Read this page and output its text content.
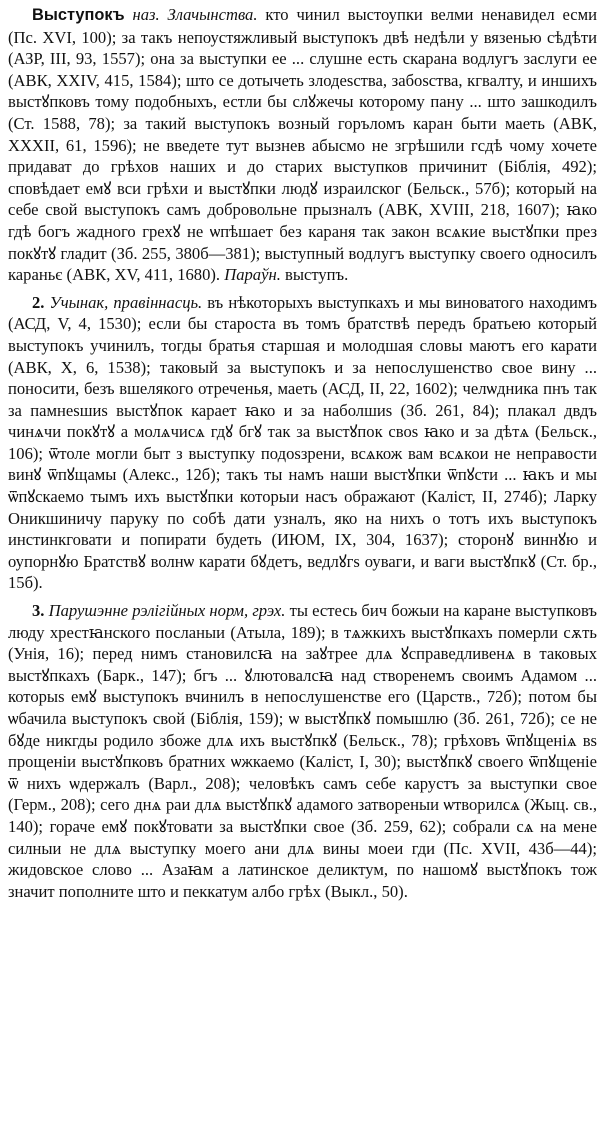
Выступокъ наз. Злачынства. кто чинил выстоупки велми ненавидел есми (Пс. XVI, 100); за такъ непоустяжливый выступокъ двѣ недѣли у вязенью сѣдѣти (АЗР, III, 93, 1557); она за выступки ее ... слушне есть скарана водлугъ заслуги ее (АВК, XXIV, 415, 1584); што се дотычеть злодеѕства, забоѕства, кгвалту, и иншихъ выстꙋпковъ тому подобныхъ, естли бы слꙋжечы которому пану ... што зашкодилъ (Ст. 1588, 78); за такий выступокъ возный горъломъ каран быти маеть (АВК, XXXII, 61, 1596); не введете тут вызнев абысмо не згрѣшили гсдѣ чому хочете придават до грѣхов наших и до старих выступков причинит (Біблія, 492); сповѣдает емꙋ вси грѣхи и выстꙋпки людꙋ израилског (Бельск., 57б); который на себе свой выступокъ самъ добровольне прызналъ (АВК, XVIII, 218, 1607); ꙗко гдѣ богъ жадного грехꙋ не ѡпѣшает без караня так закон всѧкие выстꙋпки през покꙋтꙋ гладит (Зб. 255, 380б—381); выступный водлугъ выступку своего односилъ караньє (АВК, XV, 411, 1680). Параўн. выступъ.

2. Учынак, правіннасць. въ нѣкоторыхъ выступкахъ и мы виноватого находимъ (АСД, V, 4, 1530); если бы староста въ томъ братствѣ передъ братьею который выступокъ учинилъ, тогды братья старшая и молодшая словы маютъ его карати (АВК, X, 6, 1538); таковый за выступокъ и за непослушенство свое вину ... поносити, безъ вшелякого отреченья, маеть (АСД, II, 22, 1602); челѡдника пнъ так за памнеѕшиѕ выстꙋпок карает ꙗко и за наболшиѕ (Зб. 261, 84); плакал двдъ чинѧчи покꙋтꙋ а молѧчисѧ гдꙋ бгꙋ так за выстꙋпок своѕ ꙗко и за дѣтѧ (Бельск., 106); ѿтоле могли быт з выступку подоѕзрени, всѧкож вам всѧкои не неправости винꙋ ѿпꙋщамы (Алекс., 12б); такъ ты намъ наши выстꙋпки ѿпꙋсти ... ꙗкъ и мы ѿпꙋскаемо тымъ ихъ выстꙋпки которыи насъ ображают (Каліст, II, 274б); Ларку Оникшиничу паруку по собѣ дати узналъ, яко на нихъ о тотъ ихъ выступокъ инстинкговати и попирати будеть (ИЮМ, IX, 304, 1637); сторонꙋ виннꙋю и оупорнꙋю Братствꙋ волнѡ карати бꙋдетъ, ведлꙋгѕ оуваги, и ваги выстꙋпкꙋ (Ст. бр., 15б).

3. Парушэнне рэлігійных норм, грэх. ты естесь бич божыи на каране выступковъ люду хрестꙗнского посланыи (Атыла, 189); в тѧжкихъ выстꙋпкахъ померли сѫть (Унія, 16); перед нимъ становилсꙗ на заꙋтрее длѧ ꙋсправедливенѧ в таковых выстꙋпкахъ (Барк., 147); бгъ ... ꙋлютовалсꙗ над створенемъ своимъ Адамом ... которыѕ емꙋ выступокъ вчинилъ в непослушенстве его (Царств., 72б); потом бы ѡбачила выступокъ свой (Біблія, 159); ѡ выстꙋпкꙋ помышлю (Зб. 261, 72б); се не бꙋде никгды родило збоже длѧ ихъ выстꙋпкꙋ (Бельск., 78); грѣховъ ѿпꙋщеніѧ вѕ прощеніи выстꙋпковъ братних ѡжкаемо (Каліст, I, 30); выстꙋпкꙋ своего ѿпꙋщеніе ѿ нихъ ѡдержалъ (Варл., 208); человѣкъ самъ себе карустъ за выступки свое (Герм., 208); сего днѧ раи длѧ выстꙋпкꙋ адамого затвореныи ѡтворилсѧ (Жыц. св., 140); гораче емꙋ покꙋтовати за выстꙋпки свое (Зб. 259, 62); собрали сѧ на мене силныи не длѧ выступку моего ани длѧ вины моеи гди (Пс. XVII, 43б—44); жидовское слово ... Азаꙗм а латинское деликтум, по нашомꙋ выстꙋпокъ тож значит пополните што и пеккатум албо грѣх (Выкл., 50).
